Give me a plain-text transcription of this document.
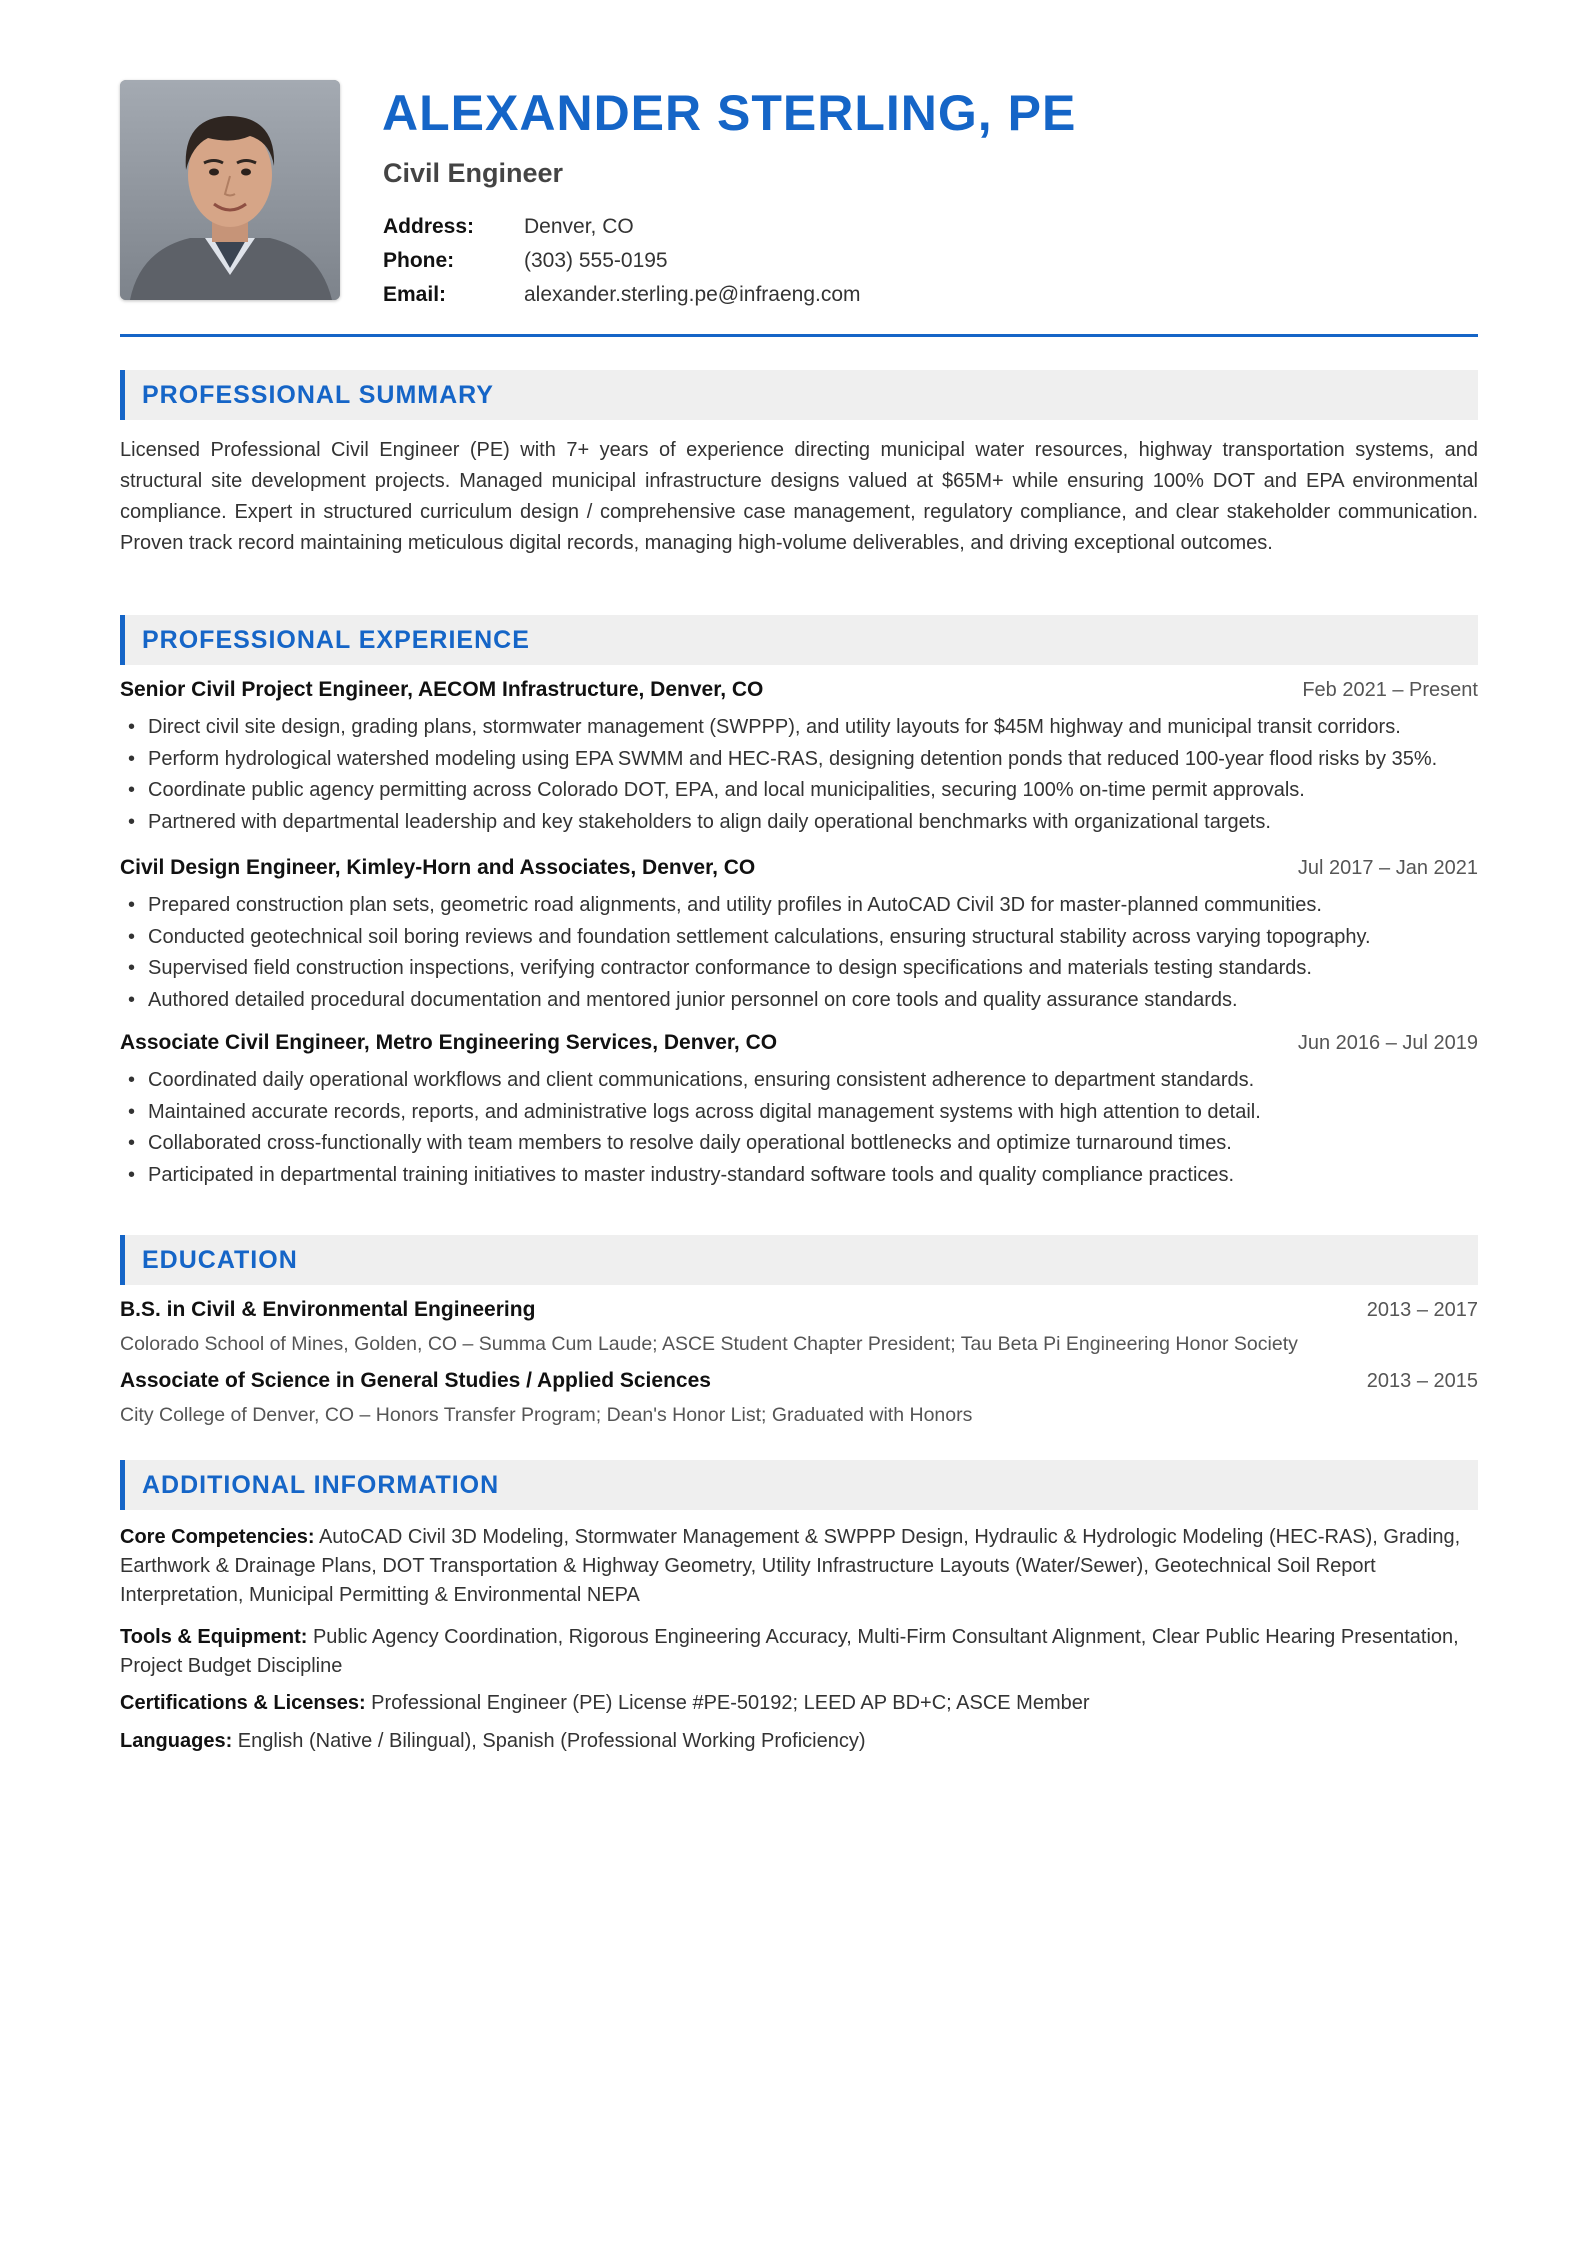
ALEXANDER STERLING, PE
Civil Engineer
Address:	Denver, CO
Phone:	(303) 555-0195
Email:	alexander.sterling.pe@infraeng.com
PROFESSIONAL SUMMARY

Licensed Professional Civil Engineer (PE) with 7+ years of experience directing municipal water resources, highway transportation systems, and structural site development projects. Managed municipal infrastructure designs valued at $65M+ while ensuring 100% DOT and EPA environmental compliance. Expert in structured curriculum design / comprehensive case management, regulatory compliance, and clear stakeholder communication. Proven track record maintaining meticulous digital records, managing high-volume deliverables, and driving exceptional outcomes.

PROFESSIONAL EXPERIENCE
Senior Civil Project Engineer, AECOM Infrastructure, Denver, CO	Feb 2021 – Present
• Direct civil site design, grading plans, stormwater management (SWPPP), and utility layouts for $45M highway and municipal transit corridors.
• Perform hydrological watershed modeling using EPA SWMM and HEC-RAS, designing detention ponds that reduced 100-year flood risks by 35%.
• Coordinate public agency permitting across Colorado DOT, EPA, and local municipalities, securing 100% on-time permit approvals.
• Partnered with departmental leadership and key stakeholders to align daily operational benchmarks with organizational targets.
Civil Design Engineer, Kimley-Horn and Associates, Denver, CO	Jul 2017 – Jan 2021
• Prepared construction plan sets, geometric road alignments, and utility profiles in AutoCAD Civil 3D for master-planned communities.
• Conducted geotechnical soil boring reviews and foundation settlement calculations, ensuring structural stability across varying topography.
• Supervised field construction inspections, verifying contractor conformance to design specifications and materials testing standards.
• Authored detailed procedural documentation and mentored junior personnel on core tools and quality assurance standards.
Associate Civil Engineer, Metro Engineering Services, Denver, CO	Jun 2016 – Jul 2019
• Coordinated daily operational workflows and client communications, ensuring consistent adherence to department standards.
• Maintained accurate records, reports, and administrative logs across digital management systems with high attention to detail.
• Collaborated cross-functionally with team members to resolve daily operational bottlenecks and optimize turnaround times.
• Participated in departmental training initiatives to master industry-standard software tools and quality compliance practices.
EDUCATION
B.S. in Civil & Environmental Engineering	2013 – 2017
Colorado School of Mines, Golden, CO – Summa Cum Laude; ASCE Student Chapter President; Tau Beta Pi Engineering Honor Society
Associate of Science in General Studies / Applied Sciences	2013 – 2015
City College of Denver, CO – Honors Transfer Program; Dean's Honor List; Graduated with Honors
ADDITIONAL INFORMATION

Core Competencies: AutoCAD Civil 3D Modeling, Stormwater Management & SWPPP Design, Hydraulic & Hydrologic Modeling (HEC-RAS), Grading, Earthwork & Drainage Plans, DOT Transportation & Highway Geometry, Utility Infrastructure Layouts (Water/Sewer), Geotechnical Soil Report Interpretation, Municipal Permitting & Environmental NEPA

Tools & Equipment: Public Agency Coordination, Rigorous Engineering Accuracy, Multi-Firm Consultant Alignment, Clear Public Hearing Presentation, Project Budget Discipline

Certifications & Licenses: Professional Engineer (PE) License #PE-50192; LEED AP BD+C; ASCE Member

Languages: English (Native / Bilingual), Spanish (Professional Working Proficiency)
